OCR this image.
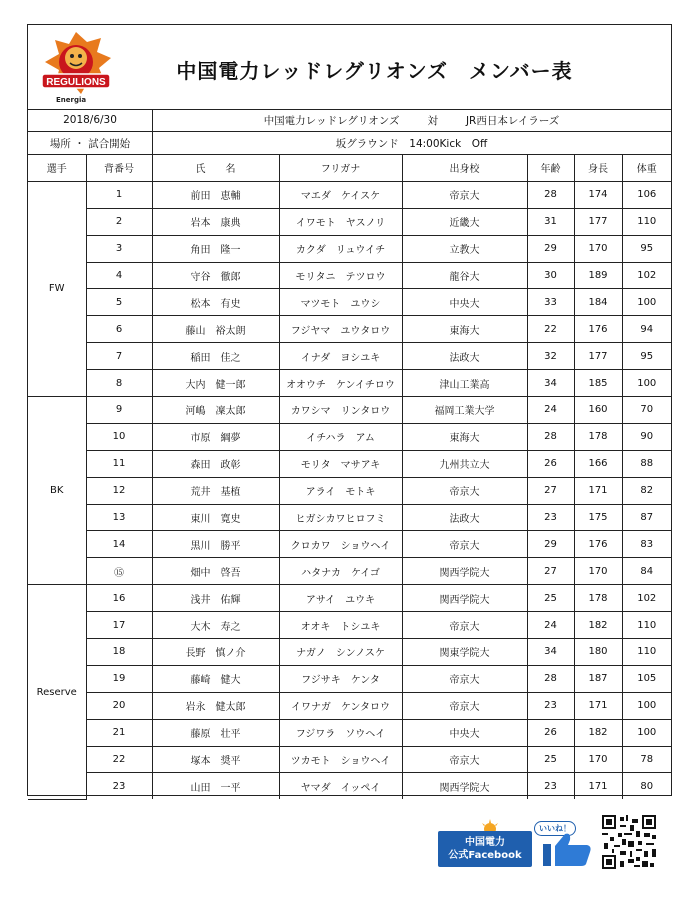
REGULIONS
Energia
中国電力レッドレグリオンズ　メンバー表
2018/6/30	中国電力レッドレグリオンズ	対	JR西日本レイラーズ
場所 ・ 試合開始	坂グラウンド　14:00Kick　Off
選手	背番号	氏　　名	フリガナ	出身校	年齢	身長	体重
FW	1	前田　恵輔	マエダ　ケイスケ	帝京大	28	174	106
	2	岩本　康典	イワモト　ヤスノリ	近畿大	31	177	110
	3	角田　隆一	カクダ　リュウイチ	立教大	29	170	95
	4	守谷　徹郎	モリタニ　テツロウ	龍谷大	30	189	102
	5	松本　有史	マツモト　ユウシ	中央大	33	184	100
	6	藤山　裕太朗	フジヤマ　ユウタロウ	東海大	22	176	94
	7	稲田　佳之	イナダ　ヨシユキ	法政大	32	177	95
	8	大内　健一郎	オオウチ　ケンイチロウ	津山工業高	34	185	100
BK	9	河嶋　凜太郎	カワシマ　リンタロウ	福岡工業大学	24	160	70
	10	市原　綱夢	イチハラ　アム	東海大	28	178	90
	11	森田　政彰	モリタ　マサアキ	九州共立大	26	166	88
	12	荒井　基植	アライ　モトキ	帝京大	27	171	82
	13	東川　寛史	ヒガシカワヒロフミ	法政大	23	175	87
	14	黒川　勝平	クロカワ　ショウヘイ	帝京大	29	176	83
	⑮	畑中　啓吾	ハタナカ　ケイゴ	関西学院大	27	170	84
Reserve	16	浅井　佑輝	アサイ　ユウキ	関西学院大	25	178	102
	17	大木　寿之	オオキ　トシユキ	帝京大	24	182	110
	18	長野　慎ノ介	ナガノ　シンノスケ	関東学院大	34	180	110
	19	藤崎　健大	フジサキ　ケンタ	帝京大	28	187	105
	20	岩永　健太郎	イワナガ　ケンタロウ	帝京大	23	171	100
	21	藤原　壮平	フジワラ　ソウヘイ	中央大	26	182	100
	22	塚本　奨平	ツカモト　ショウヘイ	帝京大	25	170	78
	23	山田　一平	ヤマダ　イッペイ	関西学院大	23	171	80
中国電力
公式Facebook
いいね！
